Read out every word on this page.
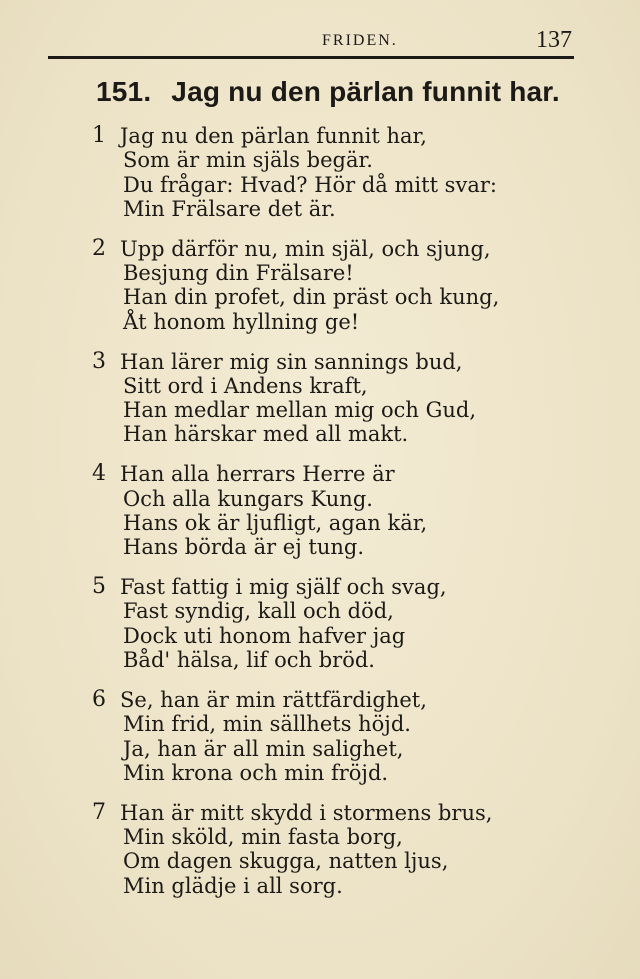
FRIDEN.	137
151. Jag nu den pärlan funnit har.
1 Jag nu den pärlan funnit har,
Som är min själs begär.
Du frågar: Hvad? Hör då mitt svar:
Min Frälsare det är.
2 Upp därför nu, min själ, och sjung,
Besjung din Frälsare!
Han din profet, din präst och kung,
Åt honom hyllning ge!
3 Han lärer mig sin sannings bud,
Sitt ord i Andens kraft,
Han medlar mellan mig och Gud,
Han härskar med all makt.
4 Han alla herrars Herre är
Och alla kungars Kung.
Hans ok är ljufligt, agan kär,
Hans börda är ej tung.
5 Fast fattig i mig själf och svag,
Fast syndig, kall och död,
Dock uti honom hafver jag
Båd' hälsa, lif och bröd.
6 Se, han är min rättfärdighet,
Min frid, min sällhets höjd.
Ja, han är all min salighet,
Min krona och min fröjd.
7 Han är mitt skydd i stormens brus,
Min sköld, min fasta borg,
Om dagen skugga, natten ljus,
Min glädje i all sorg.
